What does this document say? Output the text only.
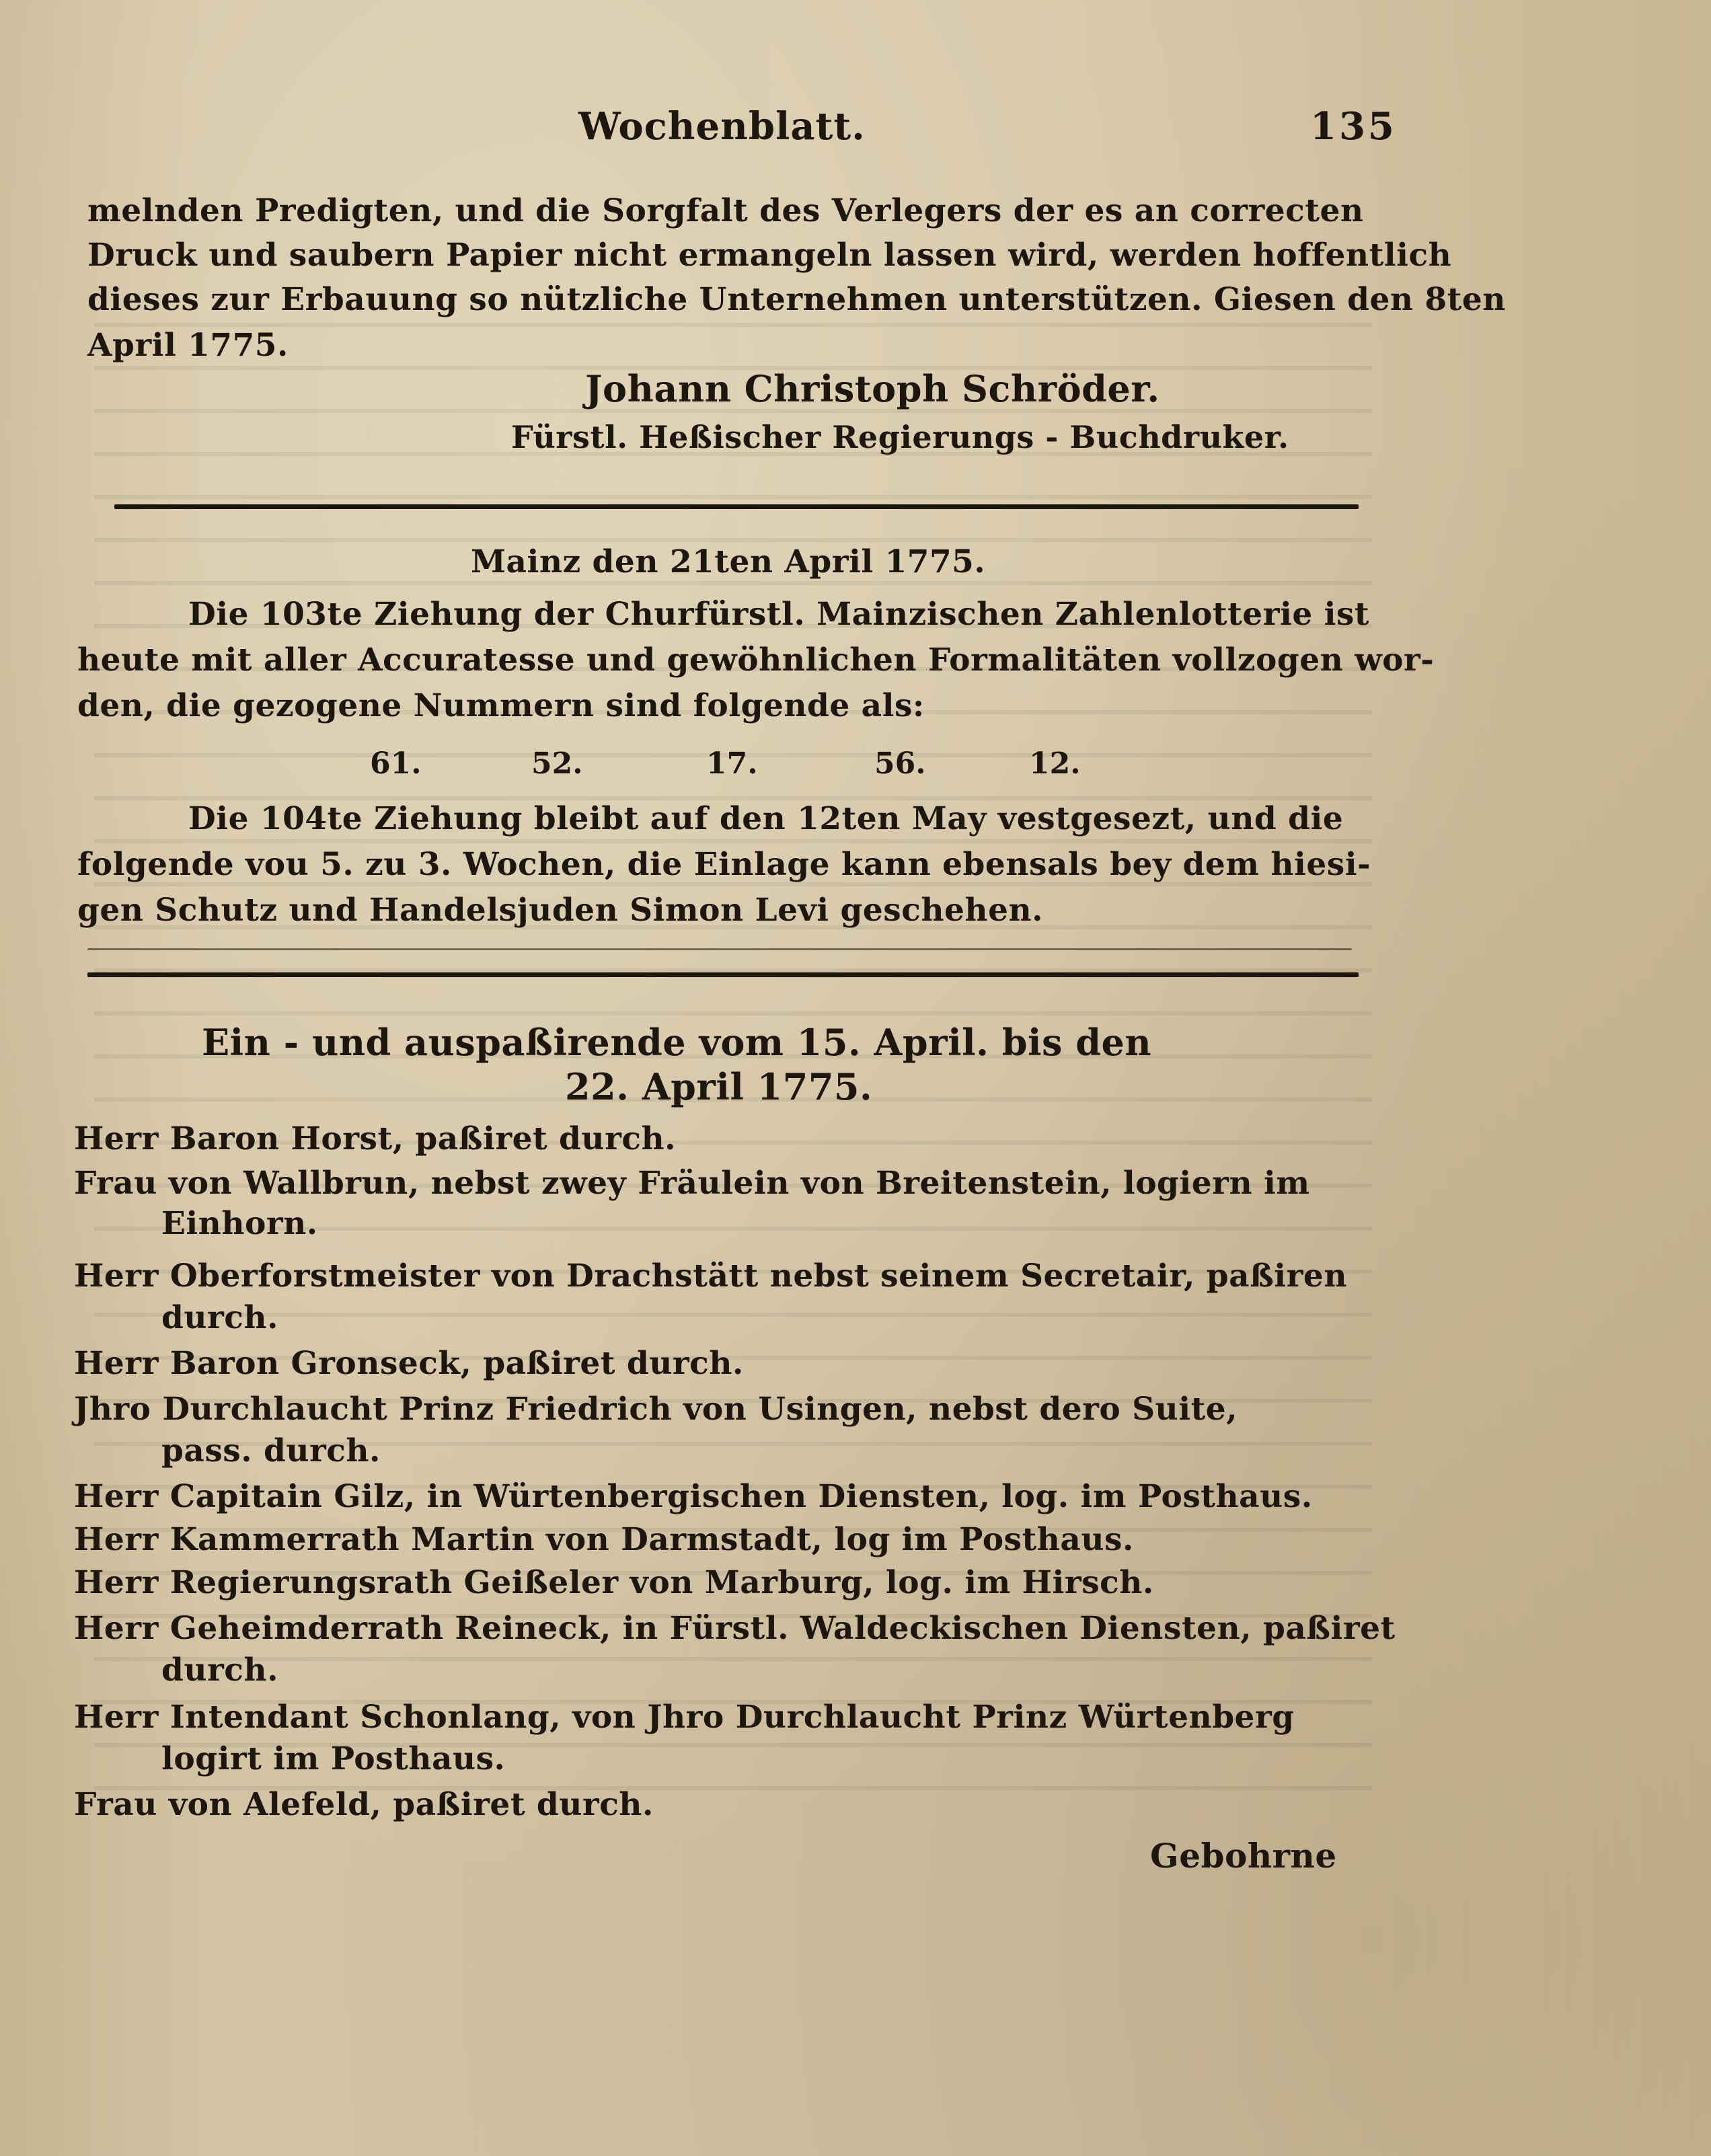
Wochenblatt.	135
melnden Predigten, und die Sorgfalt des Verlegers der es an correcten
Druck und saubern Papier nicht ermangeln lassen wird, werden hoffentlich
dieses zur Erbauung so nützliche Unternehmen unterstützen. Giesen den 8ten
April 1775.
Johann Christoph Schröder.
Fürstl. Heßischer Regierungs - Buchdruker.
Mainz den 21ten April 1775.
Die 103te Ziehung der Churfürstl. Mainzischen Zahlenlotterie ist
heute mit aller Accuratesse und gewöhnlichen Formalitäten vollzogen wor-
den, die gezogene Nummern sind folgende als:
61.	52.	17.	56.	12.
Die 104te Ziehung bleibt auf den 12ten May vestgesezt, und die
folgende vou 5. zu 3. Wochen, die Einlage kann ebensals bey dem hiesi-
gen Schutz und Handelsjuden Simon Levi geschehen.
Ein - und auspaßirende vom 15. April. bis den
22. April 1775.
Herr Baron Horst, paßiret durch.
Frau von Wallbrun, nebst zwey Fräulein von Breitenstein, logiern im
Einhorn.
Herr Oberforstmeister von Drachstätt nebst seinem Secretair, paßiren
durch.
Herr Baron Gronseck, paßiret durch.
Jhro Durchlaucht Prinz Friedrich von Usingen, nebst dero Suite,
pass. durch.
Herr Capitain Gilz, in Würtenbergischen Diensten, log. im Posthaus.
Herr Kammerrath Martin von Darmstadt, log im Posthaus.
Herr Regierungsrath Geißeler von Marburg, log. im Hirsch.
Herr Geheimderrath Reineck, in Fürstl. Waldeckischen Diensten, paßiret
durch.
Herr Intendant Schonlang, von Jhro Durchlaucht Prinz Würtenberg
logirt im Posthaus.
Frau von Alefeld, paßiret durch.
Gebohrne
